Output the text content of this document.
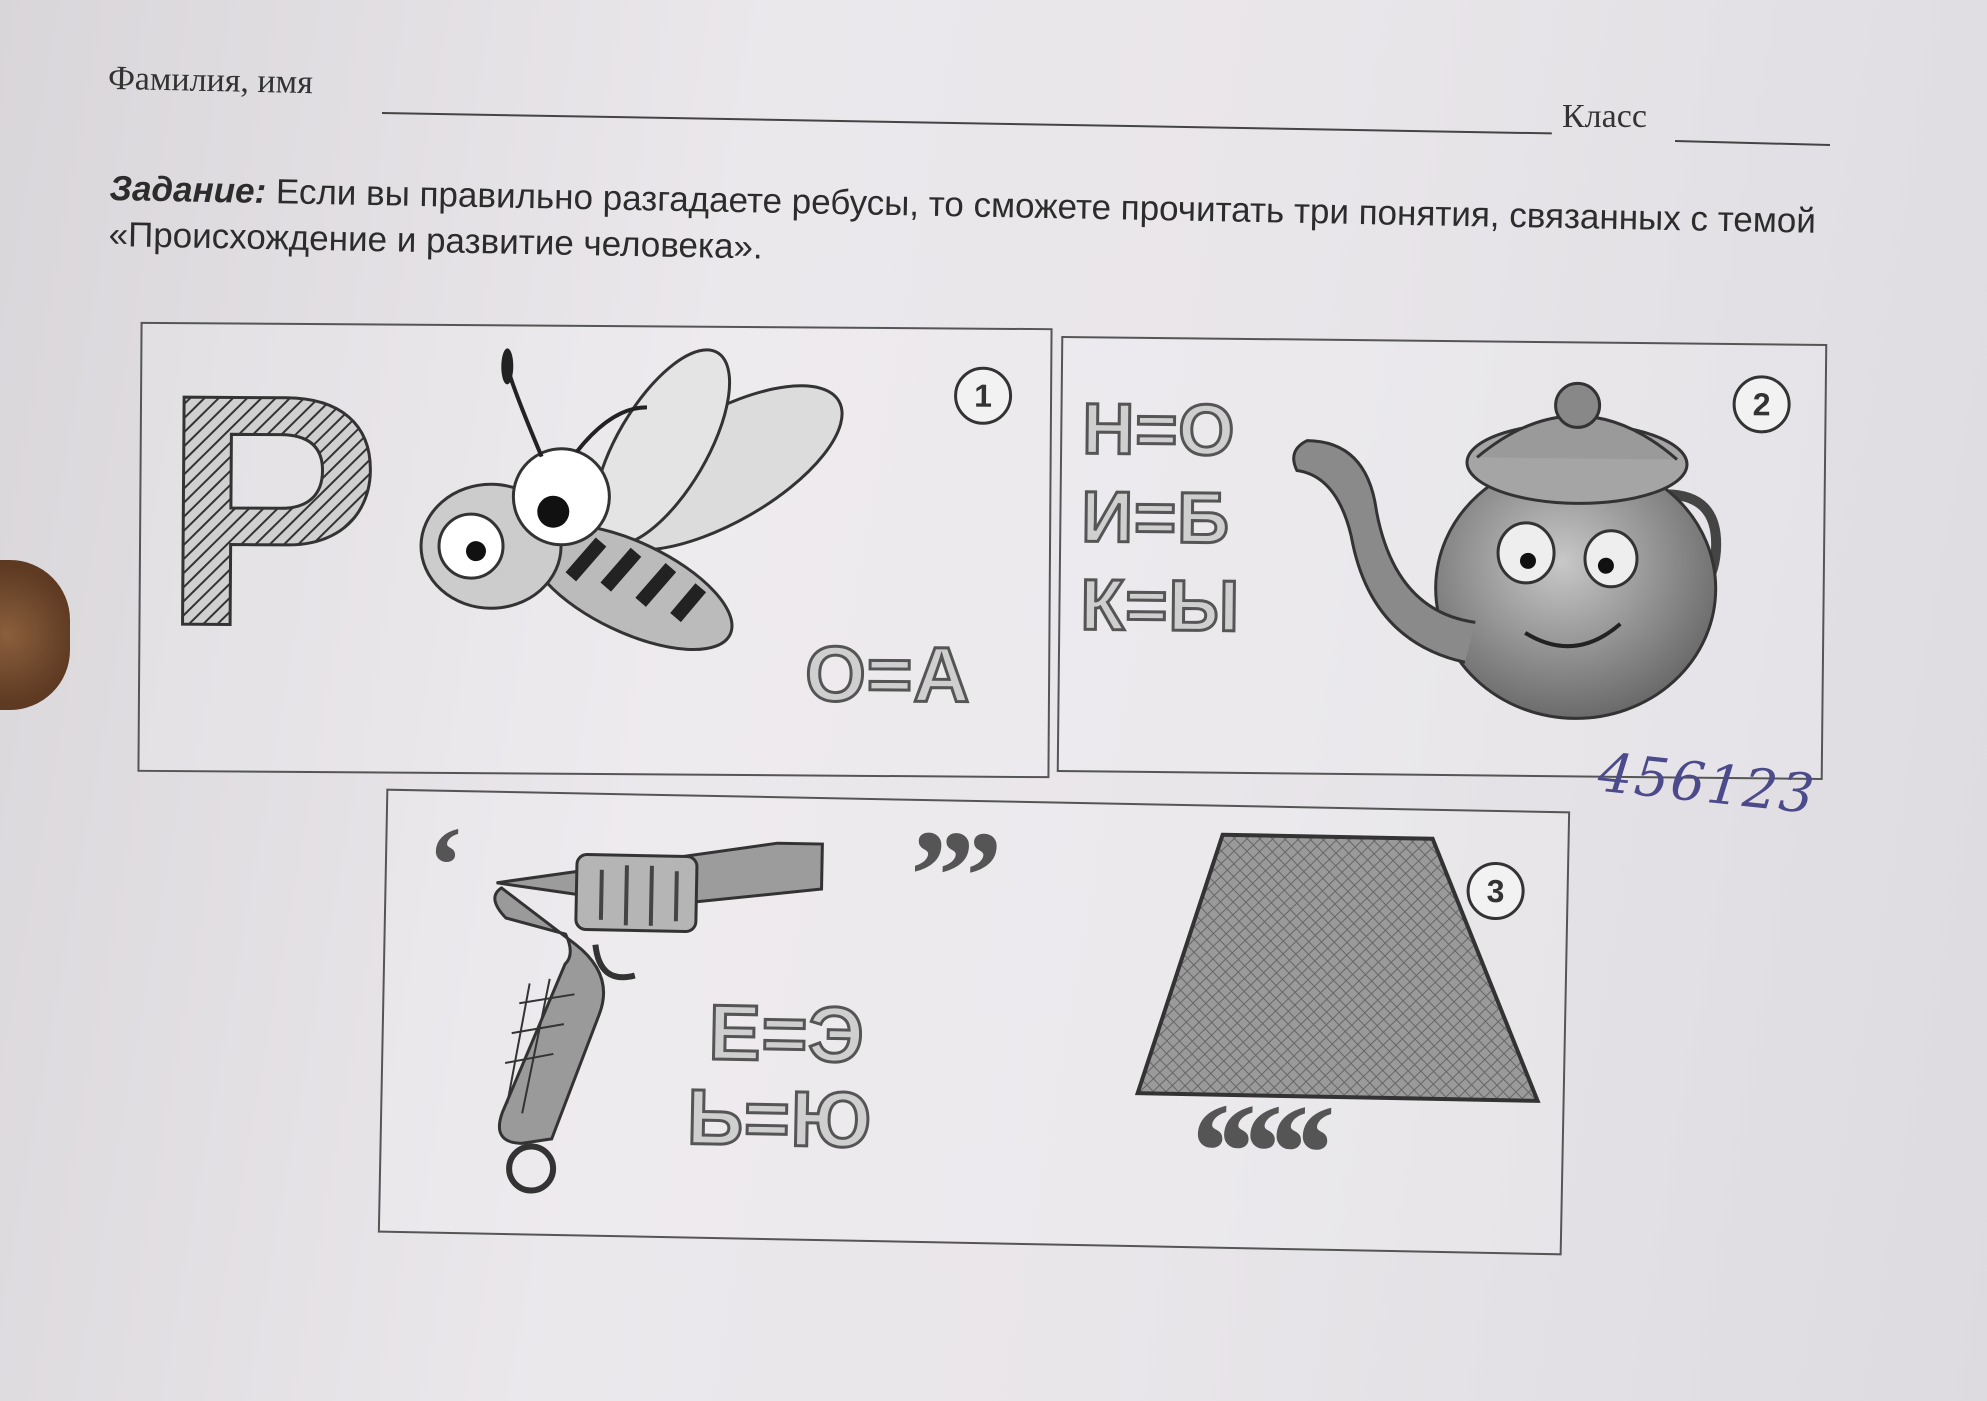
Фамилия, имя
Класс
Задание: Если вы правильно разгадаете ребусы, то сможете прочитать три понятия, связанных с темой «Происхождение и развитие человека».
1
Р	О=А
2
Н=О
И=Б
К=Ы
456123
3
‘	’’’
Е=Э
Ь=Ю ‘‘‘‘‘
